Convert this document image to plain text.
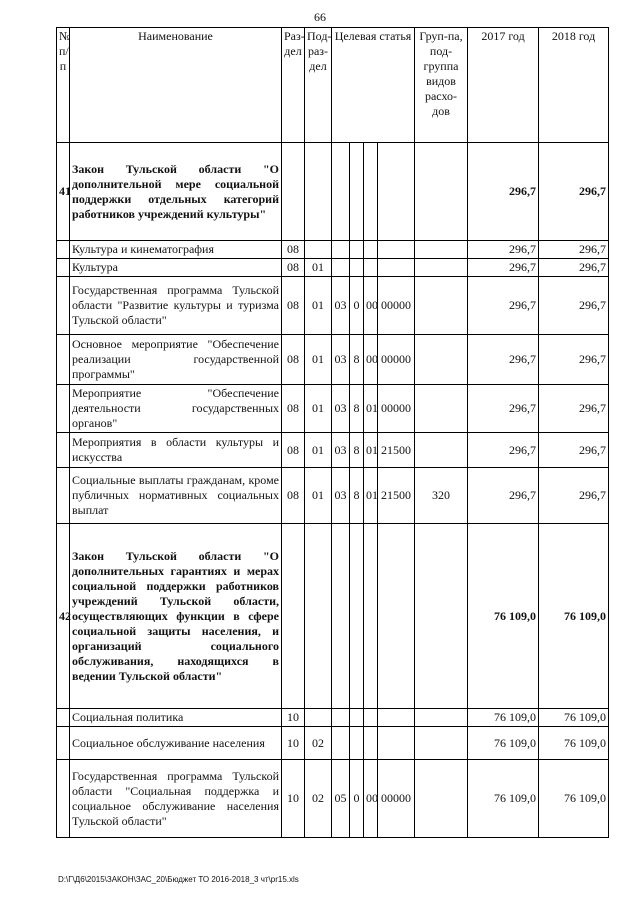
66
№ п/п	Наименование	Раз-дел	Под-раз-дел	Целевая статья				Груп-па, под-группа видов расхо-дов	2017 год	2018 год
41	Закон Тульской области "О дополнительной мере социальной поддержки отдельных категорий работников учреждений культуры"								296,7	296,7
	Культура и кинематография	08							296,7	296,7
	Культура	08	01						296,7	296,7
	Государственная программа Тульской области "Развитие культуры и туризма Тульской области"	08	01	03	0	00	00000		296,7	296,7
	Основное мероприятие "Обеспечение реализации государственной программы"	08	01	03	8	00	00000		296,7	296,7
	Мероприятие "Обеспечение деятельности государственных органов"	08	01	03	8	01	00000		296,7	296,7
	Мероприятия в области культуры и искусства	08	01	03	8	01	21500		296,7	296,7
	Социальные выплаты гражданам, кроме публичных нормативных социальных выплат	08	01	03	8	01	21500	320	296,7	296,7
42	Закон Тульской области "О дополнительных гарантиях и мерах социальной поддержки работников учреждений Тульской области, осуществляющих функции в сфере социальной защиты населения, и организаций социального обслуживания, находящихся в ведении Тульской области"								76 109,0	76 109,0
	Социальная политика	10							76 109,0	76 109,0
	Социальное обслуживание населения	10	02						76 109,0	76 109,0
	Государственная программа Тульской области "Социальная поддержка и социальное обслуживание населения Тульской области"	10	02	05	0	00	00000		76 109,0	76 109,0
D:\Г\Д6\2015\ЗАКОН\ЗАС_20\Бюджет ТО 2016-2018_3 чт\pr15.xls
